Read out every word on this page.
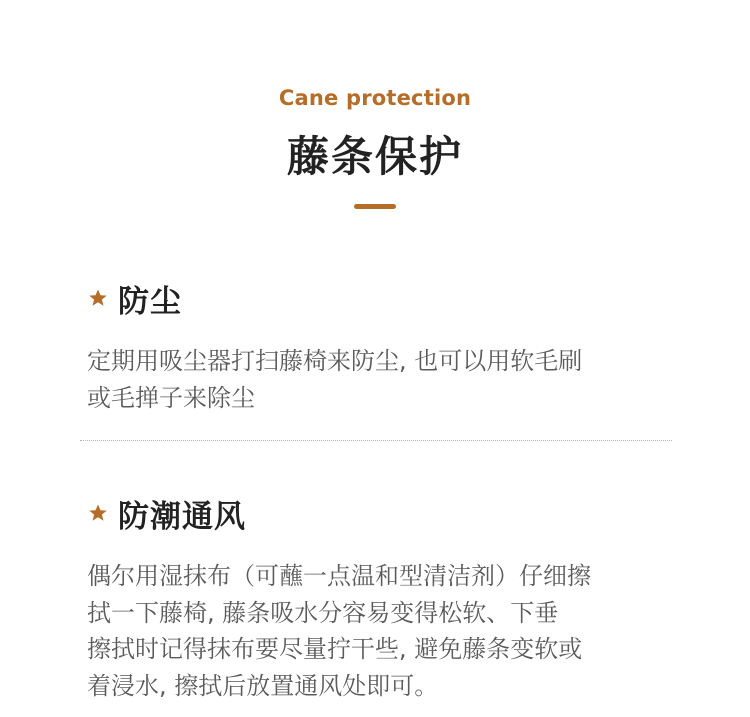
Cane protection
藤条保护
防尘

定期用吸尘器打扫藤椅来防尘, 也可以用软毛刷
或毛掸子来除尘

防潮通风

偶尔用湿抹布（可蘸一点温和型清洁剂）仔细擦
拭一下藤椅, 藤条吸水分容易变得松软、下垂
擦拭时记得抹布要尽量拧干些, 避免藤条变软或
着浸水, 擦拭后放置通风处即可。
